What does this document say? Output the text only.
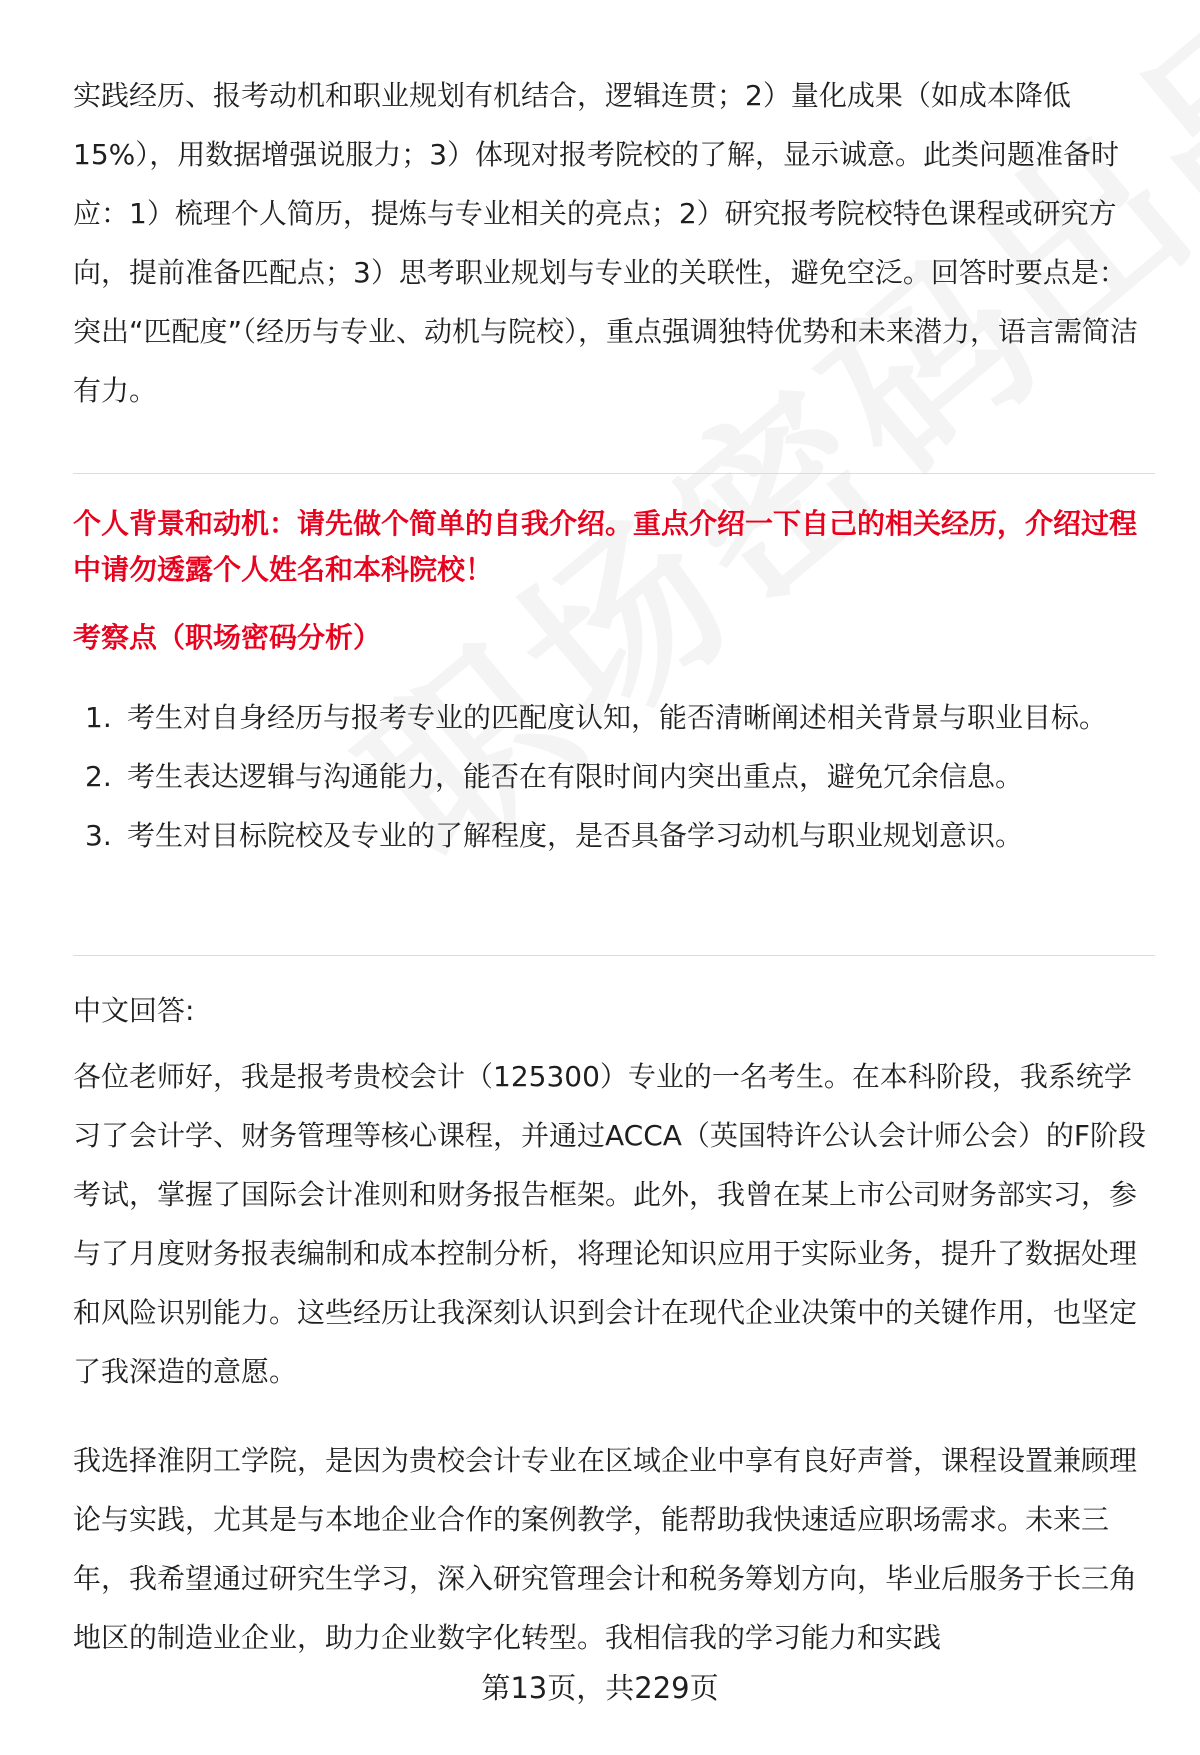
实践经历、报考动机和职业规划有机结合，逻辑连贯；2）量化成果（如成本降低15%），用数据增强说服力；3）体现对报考院校的了解，显示诚意。此类问题准备时应：1）梳理个人简历，提炼与专业相关的亮点；2）研究报考院校特色课程或研究方向，提前准备匹配点；3）思考职业规划与专业的关联性，避免空泛。回答时要点是：突出“匹配度”（经历与专业、动机与院校），重点强调独特优势和未来潜力，语言需简洁有力。

个人背景和动机：请先做个简单的自我介绍。重点介绍一下自己的相关经历，介绍过程中请勿透露个人姓名和本科院校！

考察点（职场密码分析）

1. 考生对自身经历与报考专业的匹配度认知，能否清晰阐述相关背景与职业目标。
2. 考生表达逻辑与沟通能力，能否在有限时间内突出重点，避免冗余信息。
3. 考生对目标院校及专业的了解程度，是否具备学习动机与职业规划意识。

中文回答:

各位老师好，我是报考贵校会计（125300）专业的一名考生。在本科阶段，我系统学习了会计学、财务管理等核心课程，并通过ACCA（英国特许公认会计师公会）的F阶段考试，掌握了国际会计准则和财务报告框架。此外，我曾在某上市公司财务部实习，参与了月度财务报表编制和成本控制分析，将理论知识应用于实际业务，提升了数据处理和风险识别能力。这些经历让我深刻认识到会计在现代企业决策中的关键作用，也坚定了我深造的意愿。

我选择淮阴工学院，是因为贵校会计专业在区域企业中享有良好声誉，课程设置兼顾理论与实践，尤其是与本地企业合作的案例教学，能帮助我快速适应职场需求。未来三年，我希望通过研究生学习，深入研究管理会计和税务筹划方向，毕业后服务于长三角地区的制造业企业，助力企业数字化转型。我相信我的学习能力和实践

第13页，共229页
